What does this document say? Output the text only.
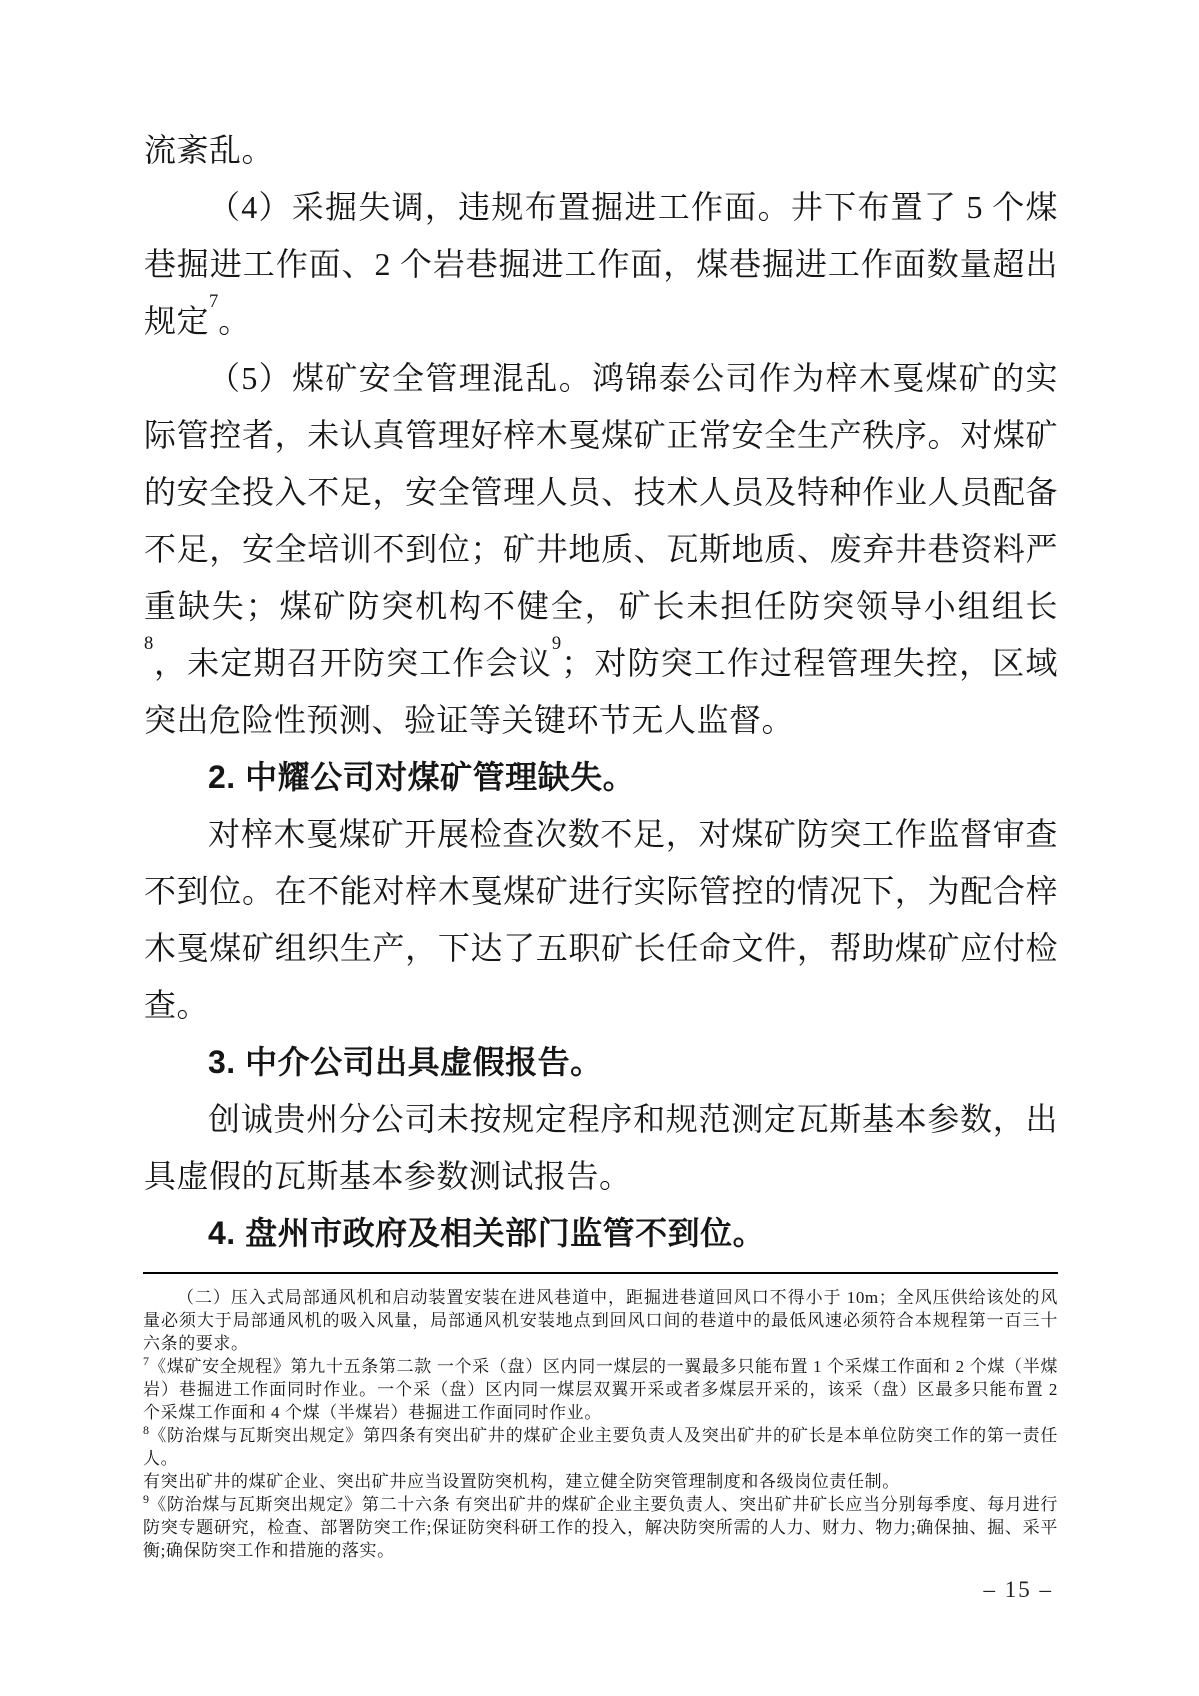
流紊乱。

（4）采掘失调，违规布置掘进工作面。井下布置了 5 个煤巷掘进工作面、2 个岩巷掘进工作面，煤巷掘进工作面数量超出规定$^7$。

（5）煤矿安全管理混乱。鸿锦泰公司作为梓木戛煤矿的实际管控者，未认真管理好梓木戛煤矿正常安全生产秩序。对煤矿的安全投入不足，安全管理人员、技术人员及特种作业人员配备不足，安全培训不到位；矿井地质、瓦斯地质、废弃井巷资料严重缺失；煤矿防突机构不健全，矿长未担任防突领导小组组长$^8$，未定期召开防突工作会议$^9$；对防突工作过程管理失控，区域突出危险性预测、验证等关键环节无人监督。

2. 中耀公司对煤矿管理缺失。

对梓木戛煤矿开展检查次数不足，对煤矿防突工作监督审查不到位。在不能对梓木戛煤矿进行实际管控的情况下，为配合梓木戛煤矿组织生产，下达了五职矿长任命文件，帮助煤矿应付检查。

3. 中介公司出具虚假报告。

创诚贵州分公司未按规定程序和规范测定瓦斯基本参数，出具虚假的瓦斯基本参数测试报告。

4. 盘州市政府及相关部门监管不到位。

（二）压入式局部通风机和启动装置安装在进风巷道中，距掘进巷道回风口不得小于 10m；全风压供给该处的风量必须大于局部通风机的吸入风量，局部通风机安装地点到回风口间的巷道中的最低风速必须符合本规程第一百三十六条的要求。

$^7$《煤矿安全规程》第九十五条第二款 一个采（盘）区内同一煤层的一翼最多只能布置 1 个采煤工作面和 2 个煤（半煤岩）巷掘进工作面同时作业。一个采（盘）区内同一煤层双翼开采或者多煤层开采的，该采（盘）区最多只能布置 2 个采煤工作面和 4 个煤（半煤岩）巷掘进工作面同时作业。

$^8$《防治煤与瓦斯突出规定》第四条有突出矿井的煤矿企业主要负责人及突出矿井的矿长是本单位防突工作的第一责任人。

有突出矿井的煤矿企业、突出矿井应当设置防突机构，建立健全防突管理制度和各级岗位责任制。

$^9$《防治煤与瓦斯突出规定》第二十六条 有突出矿井的煤矿企业主要负责人、突出矿井矿长应当分别每季度、每月进行防突专题研究，检查、部署防突工作;保证防突科研工作的投入，解决防突所需的人力、财力、物力;确保抽、掘、采平衡;确保防突工作和措施的落实。

– 15 –
